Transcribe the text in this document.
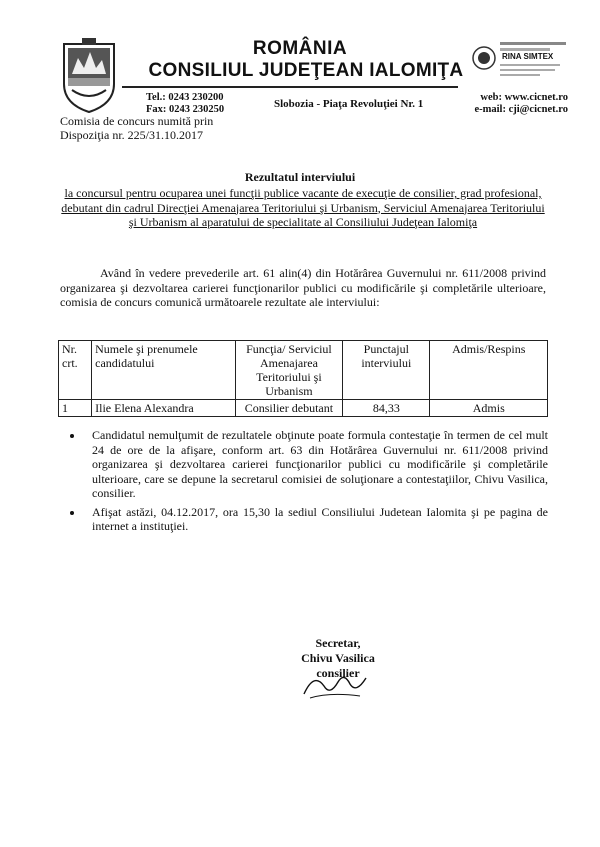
ROMÂNIA
CONSILIUL JUDEŢEAN IALOMIŢA
RINA SIMTEX
Tel.: 0243 230200
Fax: 0243 230250	Slobozia - Piaţa Revoluţiei Nr. 1
web: www.cicnet.ro
e-mail: cji@cicnet.ro
Comisia de concurs numită prin
Dispoziţia nr. 225/31.10.2017
Rezultatul interviului
la concursul pentru ocuparea unei funcţii publice vacante de execuţie de consilier, grad profesional, debutant din cadrul Direcţiei Amenajarea Teritoriului şi Urbanism, Serviciul Amenajarea Teritoriului şi Urbanism al aparatului de specialitate al Consiliului Judeţean Ialomiţa

Având în vedere prevederile art. 61 alin(4) din Hotărârea Guvernului nr. 611/2008 privind organizarea şi dezvoltarea carierei funcţionarilor publici cu modificările şi completările ulterioare, comisia de concurs comunică următoarele rezultate ale interviului:

Nr. crt.	Numele şi prenumele candidatului	Funcţia/ Serviciul Amenajarea Teritoriului şi Urbanism	Punctajul interviului	Admis/Respins
1	Ilie Elena Alexandra	Consilier debutant	84,33	Admis
• Candidatul nemulţumit de rezultatele obţinute poate formula contestaţie în termen de cel mult 24 de ore de la afişare, conform art. 63 din Hotărârea Guvernului nr. 611/2008 privind organizarea şi dezvoltarea carierei funcţionarilor publici cu modificările şi completările ulterioare, care se depune la secretarul comisiei de soluţionare a contestaţiilor, Chivu Vasilica, consilier.
• Afişat astăzi, 04.12.2017, ora 15,30 la sediul Consiliului Judetean Ialomita şi pe pagina de internet a instituţiei.
Secretar,
Chivu Vasilica
consilier
